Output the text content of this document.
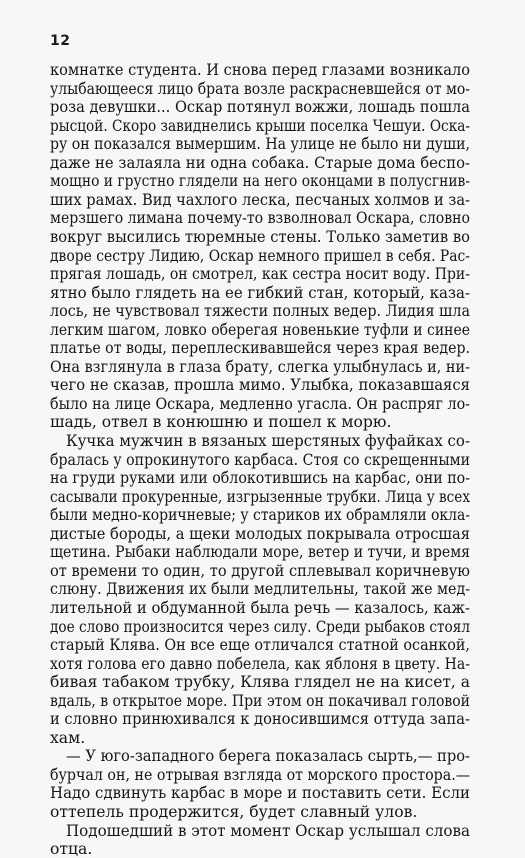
12
комнатке студента. И снова перед глазами возникало
улыбающееся лицо брата возле раскрасневшейся от мо-
роза девушки... Оскар потянул вожжи, лошадь пошла
рысцой. Скоро завиднелись крыши поселка Чешуи. Оска-
ру он показался вымершим. На улице не было ни души,
даже не залаяла ни одна собака. Старые дома беспо-
мощно и грустно глядели на него оконцами в полусгнив-
ших рамах. Вид чахлого леска, песчаных холмов и за-
мерзшего лимана почему-то взволновал Оскара, словно
вокруг высились тюремные стены. Только заметив во
дворе сестру Лидию, Оскар немного пришел в себя. Рас-
прягая лошадь, он смотрел, как сестра носит воду. При-
ятно было глядеть на ее гибкий стан, который, каза-
лось, не чувствовал тяжести полных ведер. Лидия шла
легким шагом, ловко оберегая новенькие туфли и синее
платье от воды, переплескивавшейся через края ведер.
Она взглянула в глаза брату, слегка улыбнулась и, ни-
чего не сказав, прошла мимо. Улыбка, показавшаяся
было на лице Оскара, медленно угасла. Он распряг ло-
шадь, отвел в конюшню и пошел к морю.
Кучка мужчин в вязаных шерстяных фуфайках со-
бралась у опрокинутого карбаса. Стоя со скрещенными
на груди руками или облокотившись на карбас, они по-
сасывали прокуренные, изгрызенные трубки. Лица у всех
были медно-коричневые; у стариков их обрамляли окла-
дистые бороды, а щеки молодых покрывала отросшая
щетина. Рыбаки наблюдали море, ветер и тучи, и время
от времени то один, то другой сплевывал коричневую
слюну. Движения их были медлительны, такой же мед-
лительной и обдуманной была речь — казалось, каж-
дое слово произносится через силу. Среди рыбаков стоял
старый Клява. Он все еще отличался статной осанкой,
хотя голова его давно побелела, как яблоня в цвету. На-
бивая табаком трубку, Клява глядел не на кисет, а
вдаль, в открытое море. При этом он покачивал головой
и словно принюхивался к доносившимся оттуда запа-
хам.
— У юго-западного берега показалась сырть,— про-
бурчал он, не отрывая взгляда от морского простора.—
Надо сдвинуть карбас в море и поставить сети. Если
оттепель продержится, будет славный улов.
Подошедший в этот момент Оскар услышал слова
отца.
